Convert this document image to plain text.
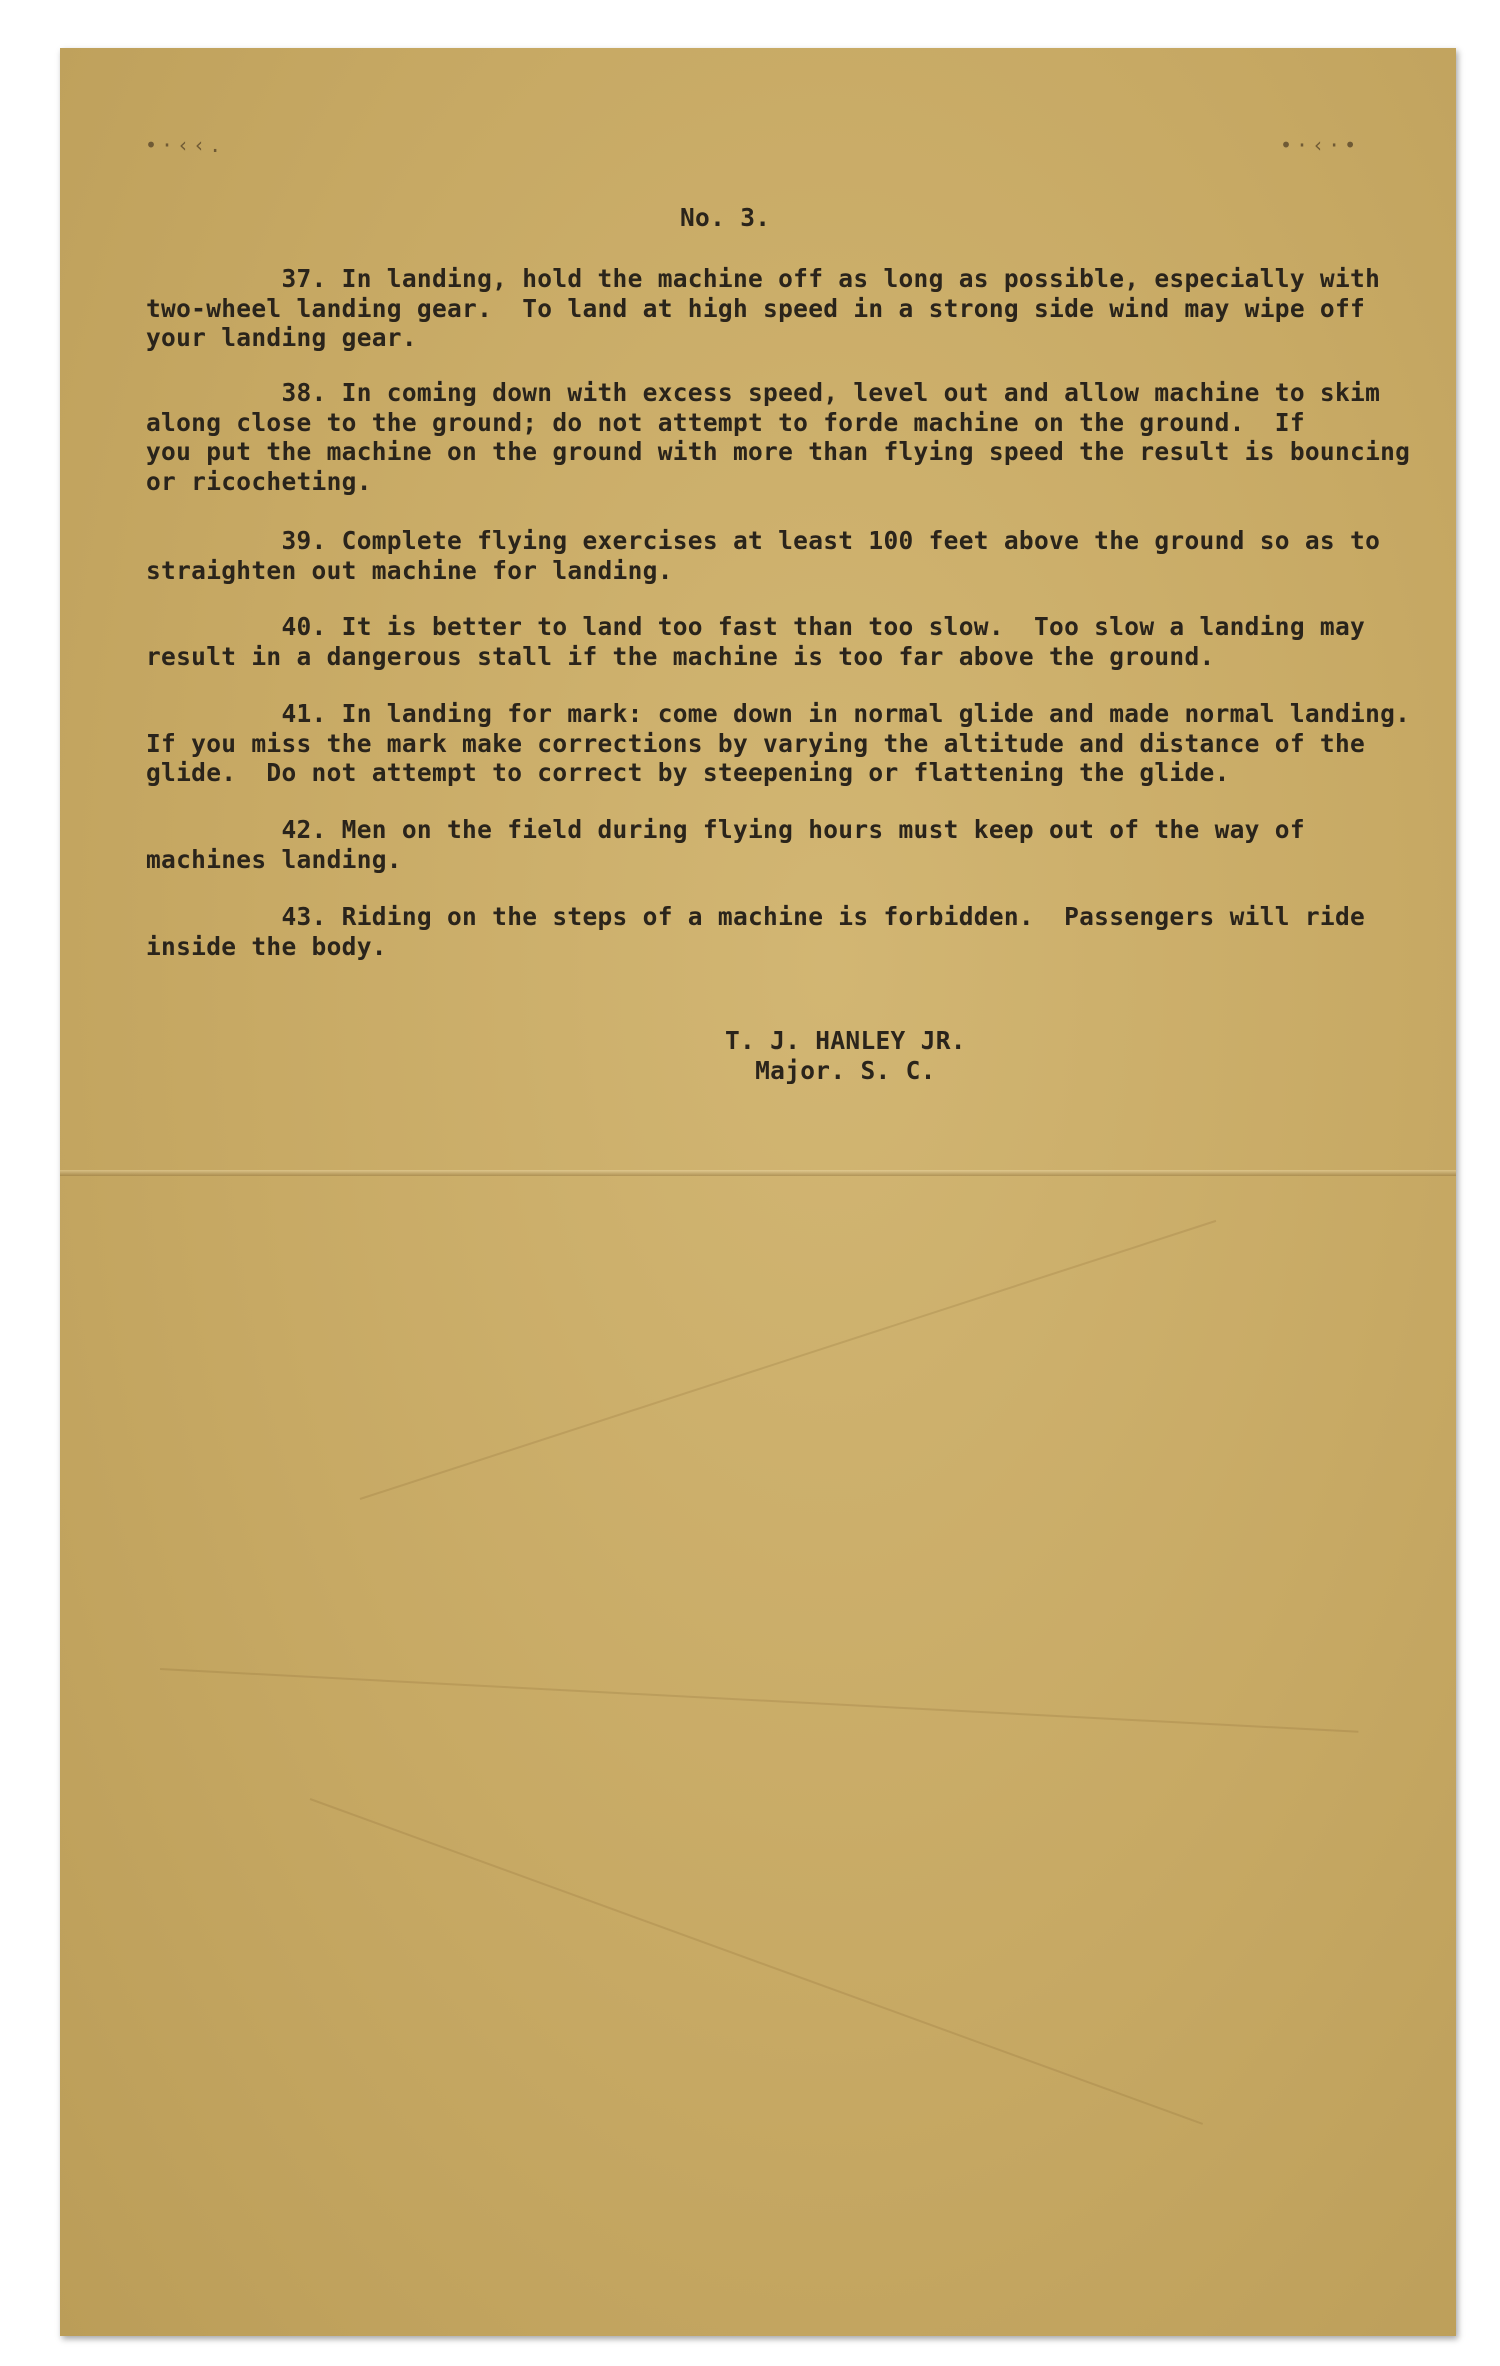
•·‹‹.	•·‹·•

No. 3.

37. In landing, hold the machine off as long as possible, especially with
two-wheel landing gear.  To land at high speed in a strong side wind may wipe off
your landing gear.

38. In coming down with excess speed, level out and allow machine to skim
along close to the ground; do not attempt to forde machine on the ground.  If
you put the machine on the ground with more than flying speed the result is bouncing
or ricocheting.

39. Complete flying exercises at least 100 feet above the ground so as to
straighten out machine for landing.

40. It is better to land too fast than too slow.  Too slow a landing may
result in a dangerous stall if the machine is too far above the ground.

41. In landing for mark: come down in normal glide and made normal landing.
If you miss the mark make corrections by varying the altitude and distance of the
glide.  Do not attempt to correct by steepening or flattening the glide.

42. Men on the field during flying hours must keep out of the way of
machines landing.

43. Riding on the steps of a machine is forbidden.  Passengers will ride
inside the body.

T. J. HANLEY JR.
Major. S. C.
